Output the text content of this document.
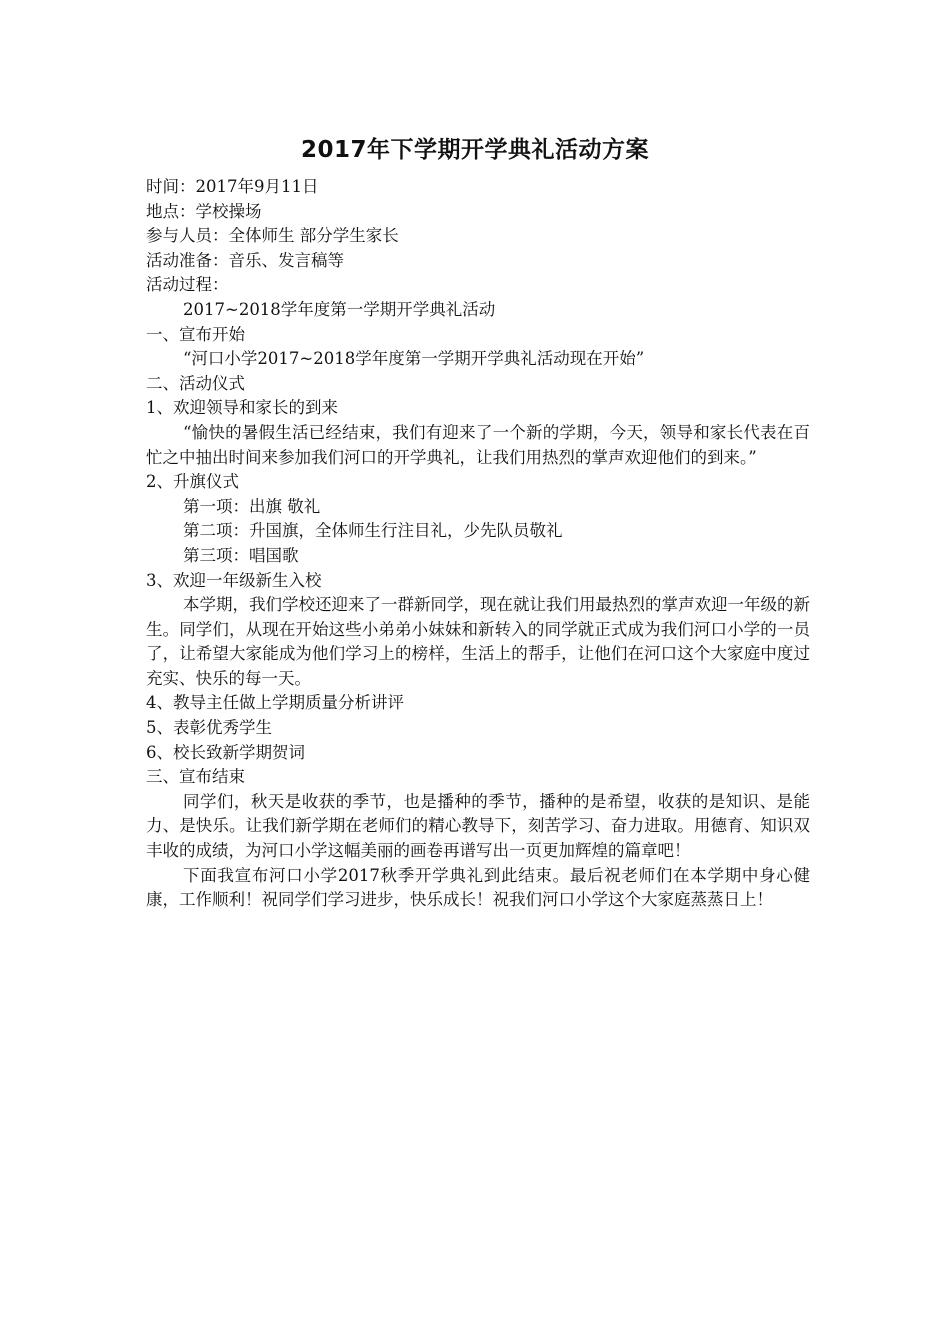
2017年下学期开学典礼活动方案

时间：2017年9月11日

地点：学校操场

参与人员：全体师生 部分学生家长

活动准备：音乐、发言稿等

活动过程：

2017~2018学年度第一学期开学典礼活动

一、宣布开始

“河口小学2017~2018学年度第一学期开学典礼活动现在开始”

二、活动仪式

1、欢迎领导和家长的到来

“愉快的暑假生活已经结束，我们有迎来了一个新的学期，今天，领导和家长代表在百忙之中抽出时间来参加我们河口的开学典礼，让我们用热烈的掌声欢迎他们的到来。”

2、升旗仪式

第一项：出旗 敬礼

第二项：升国旗，全体师生行注目礼，少先队员敬礼

第三项：唱国歌

3、欢迎一年级新生入校

本学期，我们学校还迎来了一群新同学，现在就让我们用最热烈的掌声欢迎一年级的新生。同学们，从现在开始这些小弟弟小妹妹和新转入的同学就正式成为我们河口小学的一员了，让希望大家能成为他们学习上的榜样，生活上的帮手，让他们在河口这个大家庭中度过充实、快乐的每一天。

4、教导主任做上学期质量分析讲评

5、表彰优秀学生

6、校长致新学期贺词

三、宣布结束

同学们，秋天是收获的季节，也是播种的季节，播种的是希望，收获的是知识、是能力、是快乐。让我们新学期在老师们的精心教导下，刻苦学习、奋力进取。用德育、知识双丰收的成绩，为河口小学这幅美丽的画卷再谱写出一页更加辉煌的篇章吧！

下面我宣布河口小学2017秋季开学典礼到此结束。最后祝老师们在本学期中身心健康，工作顺利！祝同学们学习进步，快乐成长！祝我们河口小学这个大家庭蒸蒸日上！
